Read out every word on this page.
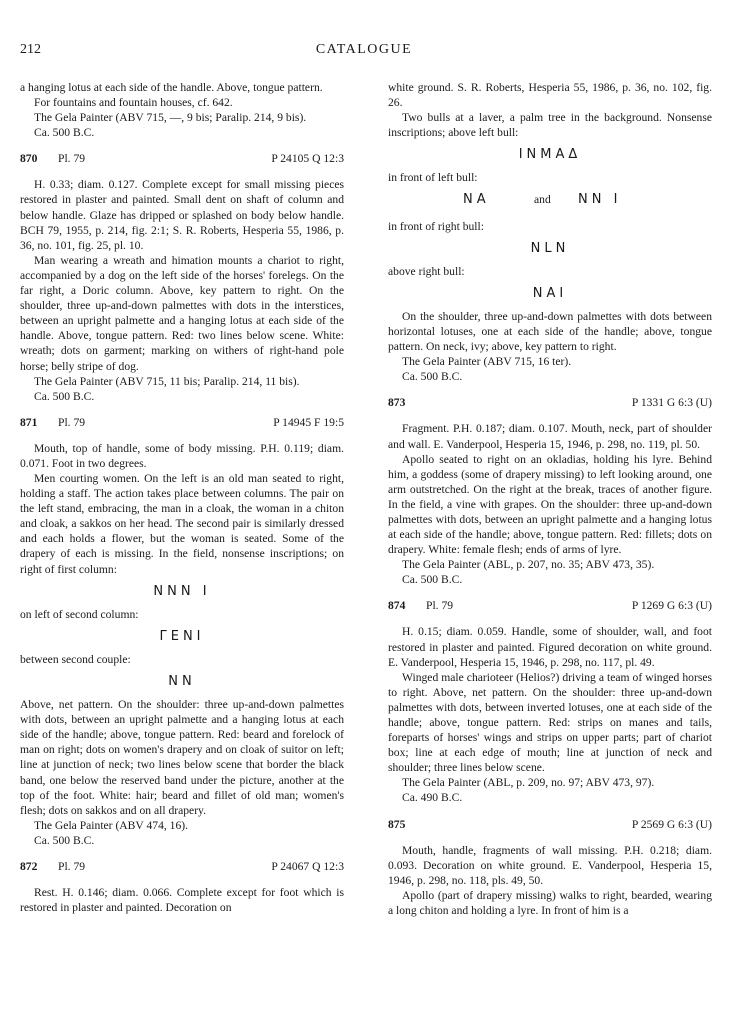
212	CATALOGUE

a hanging lotus at each side of the handle. Above, tongue pattern.

For fountains and fountain houses, cf. 642.

The Gela Painter (ABV 715, —, 9 bis; Paralip. 214, 9 bis).

Ca. 500 B.C.

870 Pl. 79	P 24105 Q 12:3

H. 0.33; diam. 0.127. Complete except for small missing pieces restored in plaster and painted. Small dent on shaft of column and below handle. Glaze has dripped or splashed on body below handle. BCH 79, 1955, p. 214, fig. 2:1; S. R. Roberts, Hesperia 55, 1986, p. 36, no. 101, fig. 25, pl. 10.

Man wearing a wreath and himation mounts a chariot to right, accompanied by a dog on the left side of the horses' forelegs. On the far right, a Doric column. Above, key pattern to right. On the shoulder, three up-and-down palmettes with dots in the interstices, between an upright palmette and a hanging lotus at each side of the handle. Above, tongue pattern. Red: two lines below scene. White: wreath; dots on garment; marking on withers of right-hand pole horse; belly stripe of dog.

The Gela Painter (ABV 715, 11 bis; Paralip. 214, 11 bis).

Ca. 500 B.C.

871 Pl. 79	P 14945 F 19:5

Mouth, top of handle, some of body missing. P.H. 0.119; diam. 0.071. Foot in two degrees.

Men courting women. On the left is an old man seated to right, holding a staff. The action takes place between columns. The pair on the left stand, embracing, the man in a cloak, the woman in a chiton and cloak, a sakkos on her head. The second pair is similarly dressed and each holds a flower, but the woman is seated. Some of the drapery of each is missing. In the field, nonsense inscriptions; on right of first column:

NNN I

on left of second column:

ΓENI

between second couple:

NN

Above, net pattern. On the shoulder: three up-and-down palmettes with dots, between an upright palmette and a hanging lotus at each side of the handle; above, tongue pattern. Red: beard and forelock of man on right; dots on women's drapery and on cloak of suitor on left; line at junction of neck; two lines below scene that border the black band, one below the reserved band under the picture, another at the top of the foot. White: hair; beard and fillet of old man; women's flesh; dots on sakkos and on all drapery.

The Gela Painter (ABV 474, 16).

Ca. 500 B.C.

872 Pl. 79	P 24067 Q 12:3

Rest. H. 0.146; diam. 0.066. Complete except for foot which is restored in plaster and painted. Decoration on

white ground. S. R. Roberts, Hesperia 55, 1986, p. 36, no. 102, fig. 26.

Two bulls at a laver, a palm tree in the background. Nonsense inscriptions; above left bull:

INMAΔ

in front of left bull:

NA	and NN I

in front of right bull:

NLN

above right bull:

NAI

On the shoulder, three up-and-down palmettes with dots between horizontal lotuses, one at each side of the handle; above, tongue pattern. On neck, ivy; above, key pattern to right.

The Gela Painter (ABV 715, 16 ter).

Ca. 500 B.C.

873	P 1331 G 6:3 (U)

Fragment. P.H. 0.187; diam. 0.107. Mouth, neck, part of shoulder and wall. E. Vanderpool, Hesperia 15, 1946, p. 298, no. 119, pl. 50.

Apollo seated to right on an okladias, holding his lyre. Behind him, a goddess (some of drapery missing) to left looking around, one arm outstretched. On the right at the break, traces of another figure. In the field, a vine with grapes. On the shoulder: three up-and-down palmettes with dots, between an upright palmette and a hanging lotus at each side of the handle; above, tongue pattern. Red: fillets; dots on drapery. White: female flesh; ends of arms of lyre.

The Gela Painter (ABL, p. 207, no. 35; ABV 473, 35).

Ca. 500 B.C.

874 Pl. 79	P 1269 G 6:3 (U)

H. 0.15; diam. 0.059. Handle, some of shoulder, wall, and foot restored in plaster and painted. Figured decoration on white ground. E. Vanderpool, Hesperia 15, 1946, p. 298, no. 117, pl. 49.

Winged male charioteer (Helios?) driving a team of winged horses to right. Above, net pattern. On the shoulder: three up-and-down palmettes with dots, between inverted lotuses, one at each side of the handle; above, tongue pattern. Red: strips on manes and tails, foreparts of horses' wings and strips on upper parts; part of chariot box; line at each edge of mouth; line at junction of neck and shoulder; three lines below scene.

The Gela Painter (ABL, p. 209, no. 97; ABV 473, 97).

Ca. 490 B.C.

875	P 2569 G 6:3 (U)

Mouth, handle, fragments of wall missing. P.H. 0.218; diam. 0.093. Decoration on white ground. E. Vanderpool, Hesperia 15, 1946, p. 298, no. 118, pls. 49, 50.

Apollo (part of drapery missing) walks to right, bearded, wearing a long chiton and holding a lyre. In front of him is a
